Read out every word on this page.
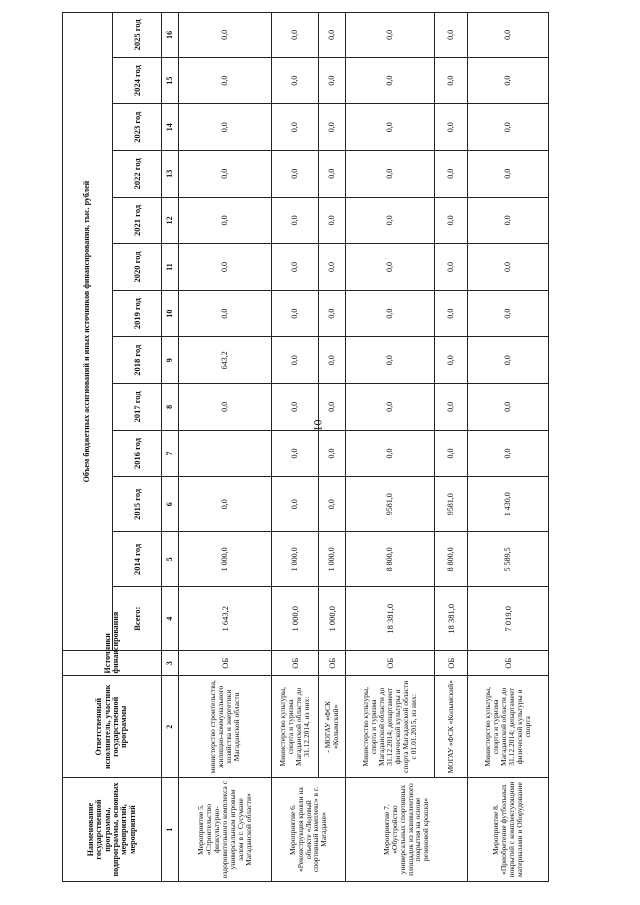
10
Наименование государственной программы, подпрограммы, основных мероприятий, мероприятий	Ответственный исполнитель, участник государственной программы	Источники финансирования	Объем бюджетных ассигнований и иных источников финансирования, тыс. рублей												
			Всего:	2014 год	2015 год	2016 год	2017 год	2018 год	2019 год	2020 год	2021 год	2022 год	2023 год	2024 год	2025 год
1	2	3	4	5	6	7	8	9	10	11	12	13	14	15	16
Мероприятие 5. «Строительство физкультурно-оздоровительного комплекса с универсальным игровым залом в г. Сусумане Магаданской области»	министерство строительства, жилищно-коммунального хозяйства и энергетики Магаданской области	ОБ	1 643,2	1 000,0	0,0		0,0	643,2	0,0	0,0	0,0	0,0	0,0	0,0	0,0
Мероприятие 6. «Реконструкция кровли на объекте «Ледовый спортивный комплекс» в г. Магадане»	Министерство культуры, спорта и туризма Магаданской области до 31.12.2014, из них:	ОБ	1 000,0	1 000,0	0,0	0,0	0,0	0,0	0,0	0,0	0,0	0,0	0,0	0,0	0,0
	- МОГАУ «ФСК «Колымский»	ОБ	1 000,0	1 000,0	0,0	0,0	0,0	0,0	0,0	0,0	0,0	0,0	0,0	0,0	0,0
Мероприятие 7. «Обустройство универсальных спортивных площадок из эквивалентного покрытия на основе резиновой крошки»	Министерство культуры, спорта и туризма Магаданской области до 31.12.2014; департамент физической культуры и спорта Магаданской области с 01.01.2015, из них:	ОБ	18 381,0	8 800,0	9581,0	0,0	0,0	0,0	0,0	0,0	0,0	0,0	0,0	0,0	0,0
	МОГАУ «ФСК «Колымский»	ОБ	18 381,0	8 800,0	9581,0	0,0	0,0	0,0	0,0	0,0	0,0	0,0	0,0	0,0	0,0
Мероприятие 8. «Приобретение футбольных покрытий с комплектующими материалами и Оборудование	Министерство культуры, спорта и туризма Магаданской области до 31.12.2014; департамент физической культуры и спорта	ОБ	7 019,0	5 589,5	1 430,0	0,0	0,0	0,0	0,0	0,0	0,0	0,0	0,0	0,0	0,0
